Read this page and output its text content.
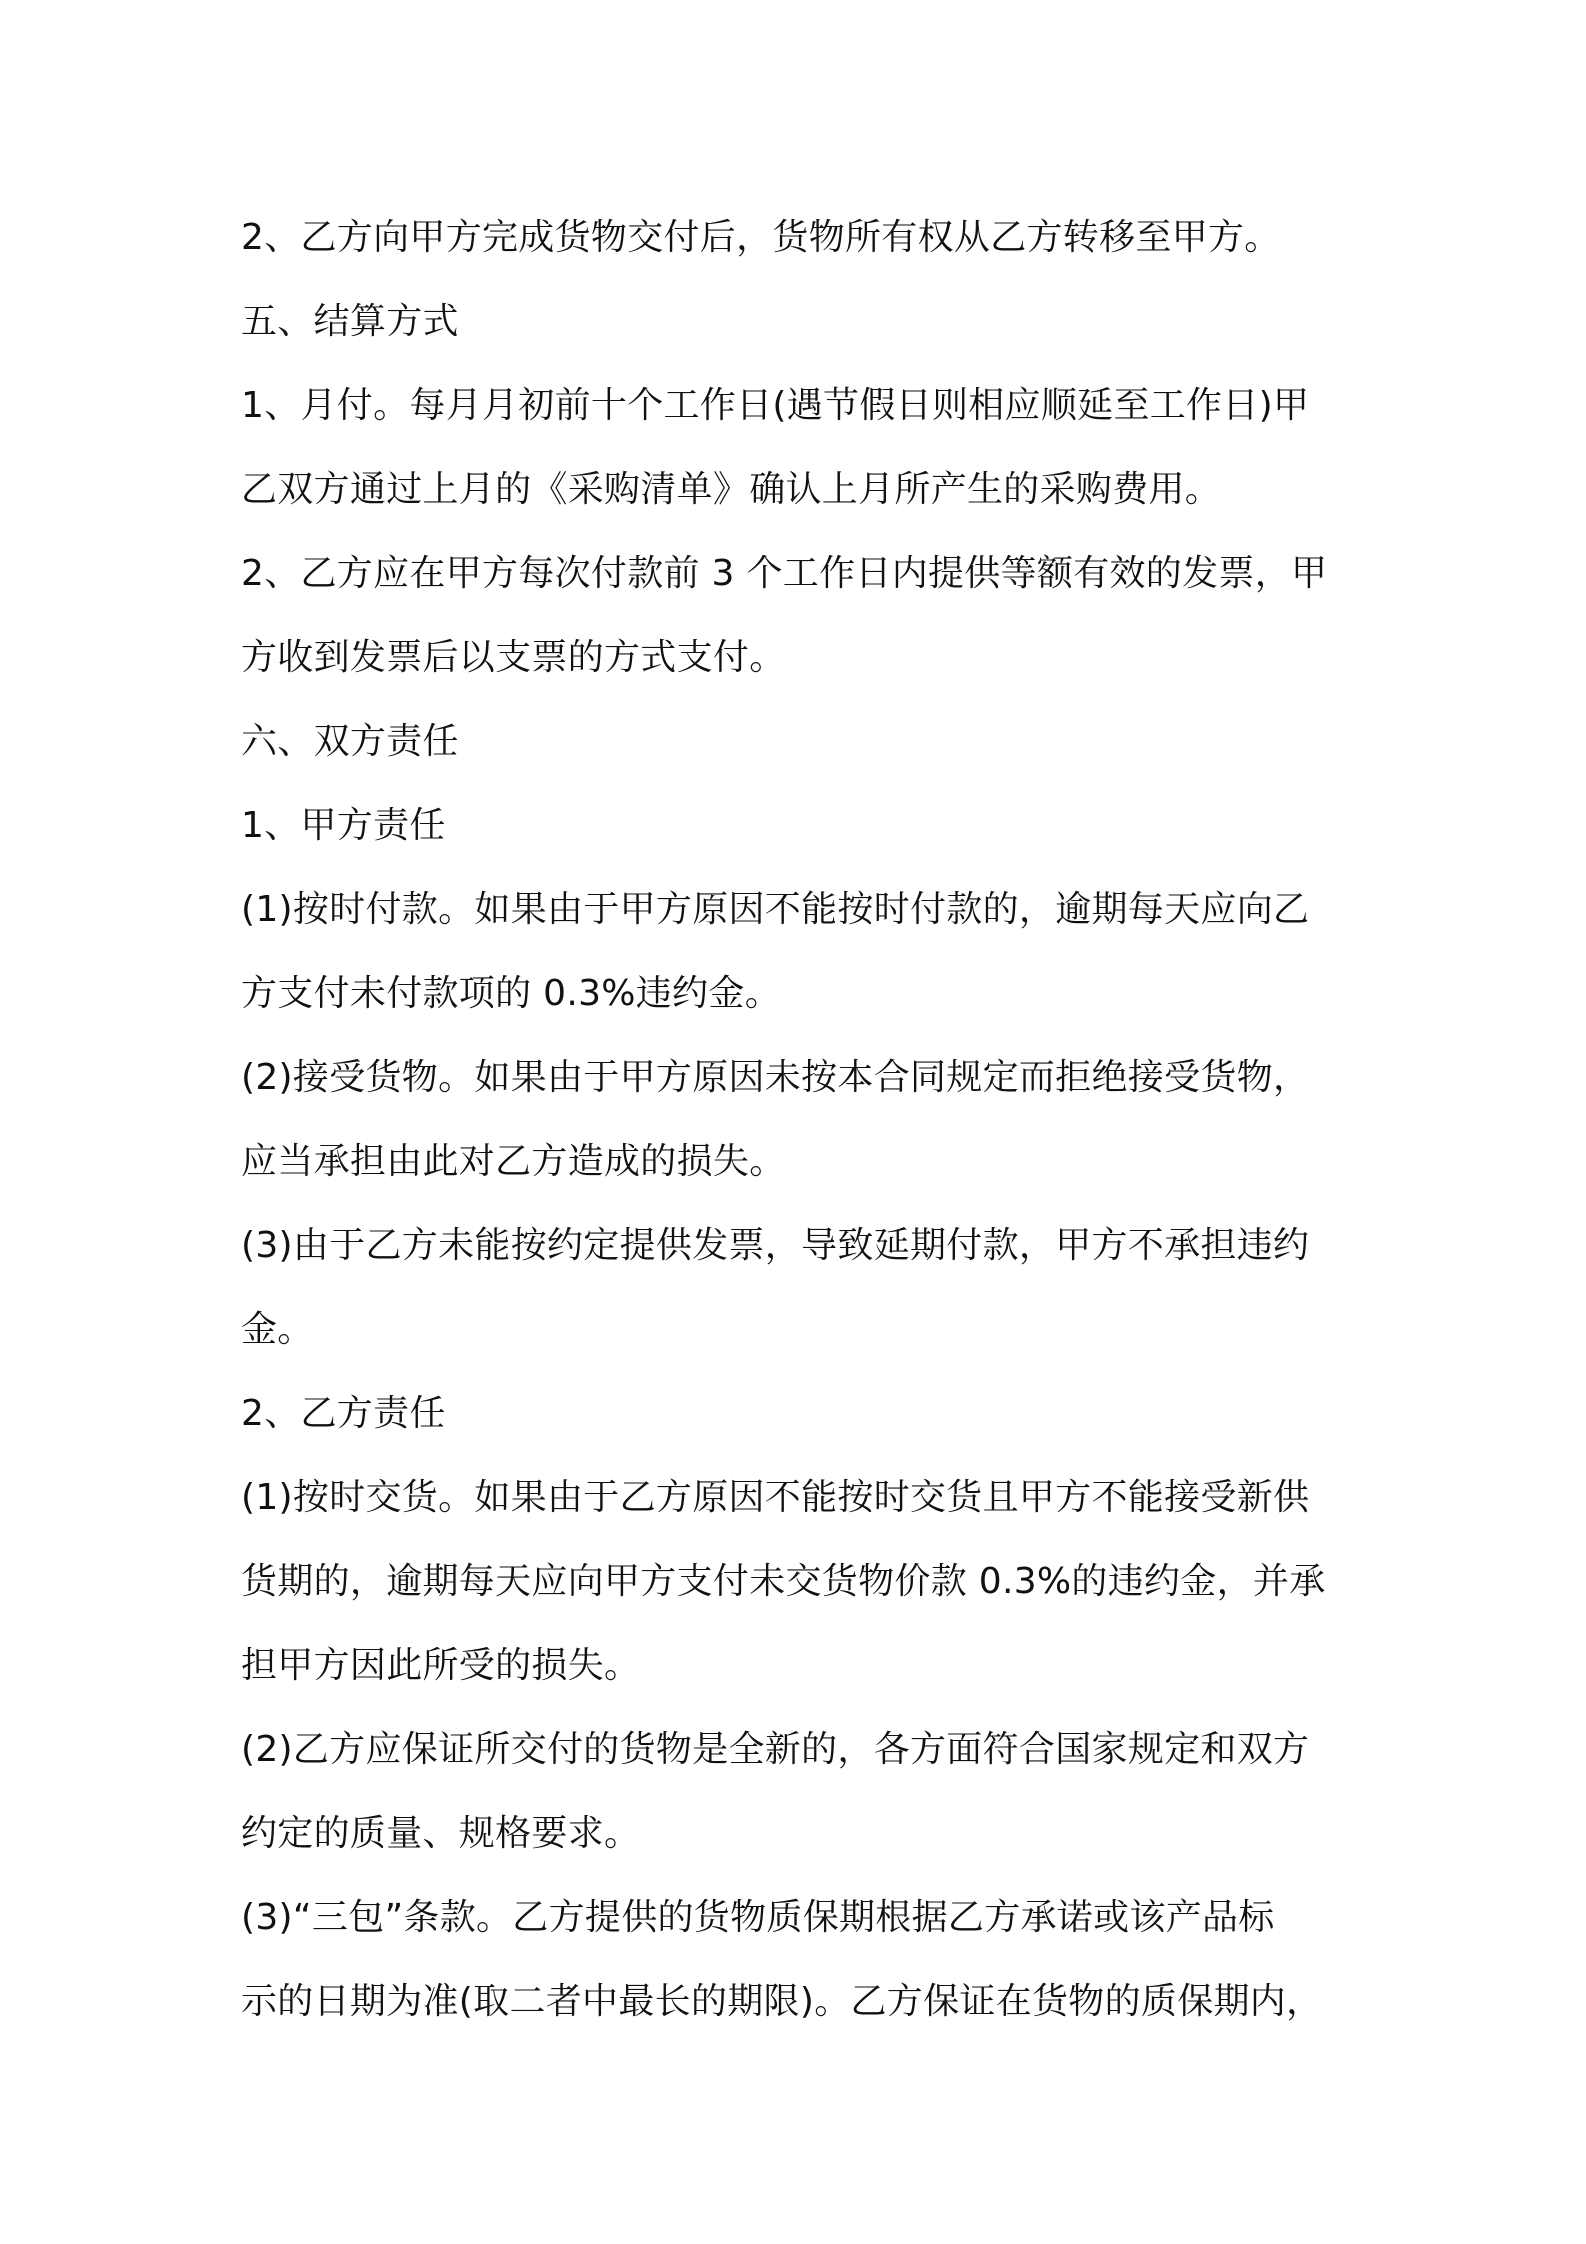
2、乙方向甲方完成货物交付后，货物所有权从乙方转移至甲方。
五、结算方式
1、月付。每月月初前十个工作日(遇节假日则相应顺延至工作日)甲
乙双方通过上月的《采购清单》确认上月所产生的采购费用。
2、乙方应在甲方每次付款前 3 个工作日内提供等额有效的发票，甲
方收到发票后以支票的方式支付。
六、双方责任
1、甲方责任
(1)按时付款。如果由于甲方原因不能按时付款的，逾期每天应向乙
方支付未付款项的 0.3%违约金。
(2)接受货物。如果由于甲方原因未按本合同规定而拒绝接受货物，
应当承担由此对乙方造成的损失。
(3)由于乙方未能按约定提供发票，导致延期付款，甲方不承担违约
金。
2、乙方责任
(1)按时交货。如果由于乙方原因不能按时交货且甲方不能接受新供
货期的，逾期每天应向甲方支付未交货物价款 0.3%的违约金，并承
担甲方因此所受的损失。
(2)乙方应保证所交付的货物是全新的，各方面符合国家规定和双方
约定的质量、规格要求。
(3)“三包”条款。乙方提供的货物质保期根据乙方承诺或该产品标
示的日期为准(取二者中最长的期限)。乙方保证在货物的质保期内，
